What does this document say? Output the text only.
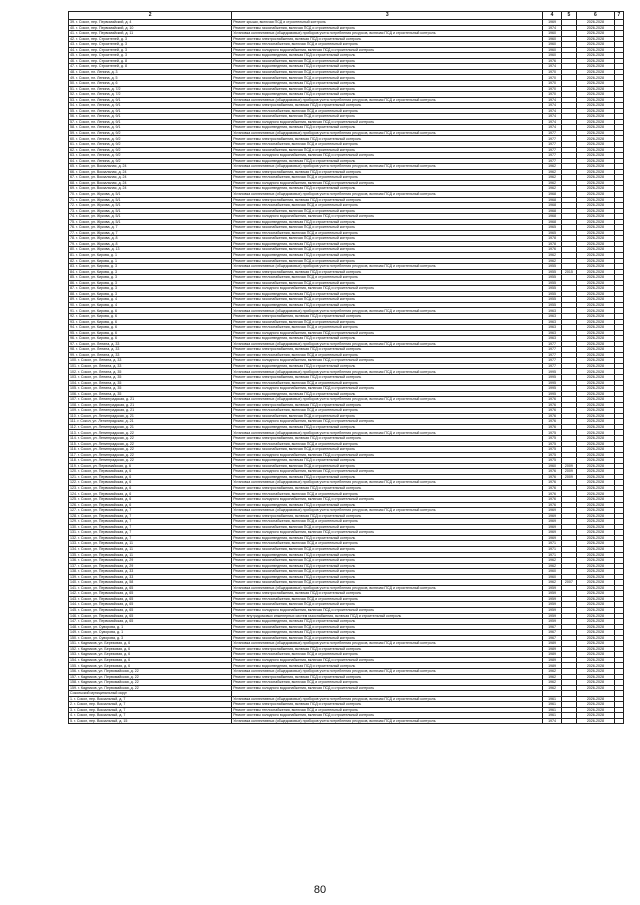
2	3	4	5	6	7
39. г. Сокол, пер. Первомайский, д. 4	Ремонт крыши, включая ПСД и строительный контроль	1969		2026-2028	
40. г. Сокол, пер. Первомайский, д. 10	Ремонт системы газоснабжения, включая ПСД и строительный контроль	1974		2026-2028	
41. г. Сокол, пер. Первомайский, д. 11	Установка коллективных (общедомовых) приборов учета потребления ресурсов, включая ПСД и строительный контроль	1960		2026-2028	
42. г. Сокол, пер. Строителей, д. 3	Ремонт системы электроснабжения, включая ПСД и строительный контроль	1960		2026-2028	
43. г. Сокол, пер. Строителей, д. 3	Ремонт системы теплоснабжения, включая ПСД и строительный контроль	1960		2026-2028	
44. г. Сокол, пер. Строителей, д. 3	Ремонт системы холодного водоснабжения, включая ПСД и строительный контроль	1960		2026-2028	
45. г. Сокол, пер. Строителей, д. 3	Ремонт системы водоотведения, включая ПСД и строительный контроль	1960		2026-2028	
46. г. Сокол, пер. Строителей, д. 8	Ремонт системы газоснабжения, включая ПСД и строительный контроль	1976		2026-2028	
47. г. Сокол, пер. Строителей, д. 8	Ремонт системы водоотведения, включая ПСД и строительный контроль	1974		2026-2028	
48. г. Сокол, пл. Ленина, д. 3	Ремонт системы газоснабжения, включая ПСД и строительный контроль	1970		2026-2028	
49. г. Сокол, пл. Ленина, д. 5	Ремонт системы газоснабжения, включая ПСД и строительный контроль	1970		2026-2028	
50. г. Сокол, пл. Ленина, д. 6	Ремонт системы водоотведения, включая ПСД и строительный контроль	1970		2026-2028	
51. г. Сокол, пл. Ленина, д. 7/2	Ремонт системы газоснабжения, включая ПСД и строительный контроль	1970		2026-2028	
52. г. Сокол, пл. Ленина, д. 7/2	Ремонт системы водоотведения, включая ПСД и строительный контроль	1970		2026-2028	
53. г. Сокол, пл. Ленина, д. 9/1	Установка коллективных (общедомовых) приборов учета потребления ресурсов, включая ПСД и строительный контроль	1974		2026-2028	
54. г. Сокол, пл. Ленина, д. 9/1	Ремонт системы электроснабжения, включая ПСД и строительный контроль	1974		2026-2028	
55. г. Сокол, пл. Ленина, д. 9/1	Ремонт системы теплоснабжения, включая ПСД и строительный контроль	1974		2026-2028	
56. г. Сокол, пл. Ленина, д. 9/1	Ремонт системы газоснабжения, включая ПСД и строительный контроль	1974		2026-2028	
57. г. Сокол, пл. Ленина, д. 9/1	Ремонт системы холодного водоснабжения, включая ПСД и строительный контроль	1974		2026-2028	
58. г. Сокол, пл. Ленина, д. 9/1	Ремонт системы водоотведения, включая ПСД и строительный контроль	1974		2026-2028	
59. г. Сокол, пл. Ленина, д. 9/2	Установка коллективных (общедомовых) приборов учета потребления ресурсов, включая ПСД и строительный контроль	1977		2026-2028	
60. г. Сокол, пл. Ленина, д. 9/2	Ремонт системы электроснабжения, включая ПСД и строительный контроль	1977		2026-2028	
61. г. Сокол, пл. Ленина, д. 9/2	Ремонт системы теплоснабжения, включая ПСД и строительный контроль	1977		2026-2028	
62. г. Сокол, пл. Ленина, д. 9/2	Ремонт системы газоснабжения, включая ПСД и строительный контроль	1977		2026-2028	
63. г. Сокол, пл. Ленина, д. 9/2	Ремонт системы холодного водоснабжения, включая ПСД и строительный контроль	1977		2026-2028	
64. г. Сокол, пл. Ленина, д. 9/2	Ремонт системы водоотведения, включая ПСД и строительный контроль	1977		2026-2028	
65. г. Сокол, ул. Вокзальная, д. 24	Установка коллективных (общедомовых) приборов учета потребления ресурсов, включая ПСД и строительный контроль	1962		2026-2028	
66. г. Сокол, ул. Вокзальная, д. 24	Ремонт системы электроснабжения, включая ПСД и строительный контроль	1962		2026-2028	
67. г. Сокол, ул. Вокзальная, д. 24	Ремонт системы теплоснабжения, включая ПСД и строительный контроль	1962		2026-2028	
68. г. Сокол, ул. Вокзальная, д. 24	Ремонт системы холодного водоснабжения, включая ПСД и строительный контроль	1962		2026-2028	
69. г. Сокол, ул. Вокзальная, д. 24	Ремонт системы водоотведения, включая ПСД и строительный контроль	1962		2026-2028	
70. г. Сокол, ул. Жукова, д. 5/1	Установка коллективных (общедомовых) приборов учета потребления ресурсов, включая ПСД и строительный контроль	1968		2026-2028	
71. г. Сокол, ул. Жукова, д. 5/1	Ремонт системы электроснабжения, включая ПСД и строительный контроль	1968		2026-2028	
72. г. Сокол, ул. Жукова, д. 5/1	Ремонт системы теплоснабжения, включая ПСД и строительный контроль	1968		2026-2028	
73. г. Сокол, ул. Жукова, д. 5/1	Ремонт системы газоснабжения, включая ПСД и строительный контроль	1968		2026-2028	
74. г. Сокол, ул. Жукова, д. 5/1	Ремонт системы холодного водоснабжения, включая ПСД и строительный контроль	1968		2026-2028	
75. г. Сокол, ул. Жукова, д. 5/1	Ремонт системы водоотведения, включая ПСД и строительный контроль	1968		2026-2028	
76. г. Сокол, ул. Жукова, д. 7	Ремонт системы газоснабжения, включая ПСД и строительный контроль	1965		2026-2028	
77. г. Сокол, ул. Жукова, д. 7	Ремонт системы теплоснабжения, включая ПСД и строительный контроль	1965		2026-2028	
78. г. Сокол, ул. Жукова, д. 8	Ремонт системы газоснабжения, включая ПСД и строительный контроль	1978		2026-2028	
79. г. Сокол, ул. Жукова, д. 8	Ремонт системы водоотведения, включая ПСД и строительный контроль	1978		2026-2028	
80. г. Сокол, ул. Жукова, д. 13	Ремонт системы газоснабжения, включая ПСД и строительный контроль	1976		2026-2028	
81. г. Сокол, ул. Кирова, д. 1	Ремонт системы водоотведения, включая ПСД и строительный контроль	1962		2026-2028	
82. г. Сокол, ул. Кирова, д. 1	Ремонт системы газоснабжения, включая ПСД и строительный контроль	1962		2026-2028	
83. г. Сокол, ул. Кирова, д. 3	Установка коллективных (общедомовых) приборов учета потребления ресурсов, включая ПСД и строительный контроль	1955		2026-2028	
84. г. Сокол, ул. Кирова, д. 3	Ремонт системы электроснабжения, включая ПСД и строительный контроль	1955	2015	2026-2028	
85. г. Сокол, ул. Кирова, д. 3	Ремонт системы теплоснабжения, включая ПСД и строительный контроль	1955		2026-2028	
86. г. Сокол, ул. Кирова, д. 3	Ремонт системы газоснабжения, включая ПСД и строительный контроль	1955		2026-2028	
87. г. Сокол, ул. Кирова, д. 3	Ремонт системы холодного водоснабжения, включая ПСД и строительный контроль	1955		2026-2028	
88. г. Сокол, ул. Кирова, д. 3	Ремонт системы водоотведения, включая ПСД и строительный контроль	1955		2026-2028	
89. г. Сокол, ул. Кирова, д. 4	Ремонт системы газоснабжения, включая ПСД и строительный контроль	1955		2026-2028	
90. г. Сокол, ул. Кирова, д. 4	Ремонт системы водоотведения, включая ПСД и строительный контроль	1955		2026-2028	
91. г. Сокол, ул. Кирова, д. 6	Установка коллективных (общедомовых) приборов учета потребления ресурсов, включая ПСД и строительный контроль	1963		2026-2028	
92. г. Сокол, ул. Кирова, д. 6	Ремонт системы электроснабжения, включая ПСД и строительный контроль	1963		2026-2028	
93. г. Сокол, ул. Кирова, д. 6	Ремонт системы газоснабжения, включая ПСД и строительный контроль	1963		2026-2028	
94. г. Сокол, ул. Кирова, д. 6	Ремонт системы теплоснабжения, включая ПСД и строительный контроль	1963		2026-2028	
95. г. Сокол, ул. Кирова, д. 6	Ремонт системы холодного водоснабжения, включая ПСД и строительный контроль	1963		2026-2028	
96. г. Сокол, ул. Кирова, д. 6	Ремонт системы водоотведения, включая ПСД и строительный контроль	1963		2026-2028	
97. г. Сокол, ул. Ленина, д. 33	Установка коллективных (общедомовых) приборов учета потребления ресурсов, включая ПСД и строительный контроль	1977		2026-2028	
98. г. Сокол, ул. Ленина, д. 33	Ремонт системы электроснабжения, включая ПСД и строительный контроль	1977		2026-2028	
99. г. Сокол, ул. Ленина, д. 33	Ремонт системы теплоснабжения, включая ПСД и строительный контроль	1977		2026-2028	
100. г. Сокол, ул. Ленина, д. 33	Ремонт системы холодного водоснабжения, включая ПСД и строительный контроль	1977		2026-2028	
101. г. Сокол, ул. Ленина, д. 33	Ремонт системы водоотведения, включая ПСД и строительный контроль	1977		2026-2028	
102. г. Сокол, ул. Ленина, д. 35	Установка коллективных (общедомовых) приборов учета потребления ресурсов, включая ПСД и строительный контроль	1995		2026-2028	
103. г. Сокол, ул. Ленина, д. 35	Ремонт системы электроснабжения, включая ПСД и строительный контроль	1995		2026-2028	
104. г. Сокол, ул. Ленина, д. 35	Ремонт системы теплоснабжения, включая ПСД и строительный контроль	1995		2026-2028	
105. г. Сокол, ул. Ленина, д. 35	Ремонт системы холодного водоснабжения, включая ПСД и строительный контроль	1995		2026-2028	
106. г. Сокол, ул. Ленина, д. 35	Ремонт системы водоотведения, включая ПСД и строительный контроль	1995		2026-2028	
107. г. Сокол, ул. Ленинградская, д. 21	Установка коллективных (общедомовых) приборов учета потребления ресурсов, включая ПСД и строительный контроль	1976		2026-2028	
108. г. Сокол, ул. Ленинградская, д. 21	Ремонт системы электроснабжения, включая ПСД и строительный контроль	1976		2026-2028	
109. г. Сокол, ул. Ленинградская, д. 21	Ремонт системы теплоснабжения, включая ПСД и строительный контроль	1976		2026-2028	
110. г. Сокол, ул. Ленинградская, д. 21	Ремонт системы газоснабжения, включая ПСД и строительный контроль	1976		2026-2028	
111. г. Сокол, ул. Ленинградская, д. 21	Ремонт системы холодного водоснабжения, включая ПСД и строительный контроль	1976		2026-2028	
112. г. Сокол, ул. Ленинградская, д. 21	Ремонт системы водоотведения, включая ПСД и строительный контроль	1976		2026-2028	
113. г. Сокол, ул. Ленинградская, д. 22	Установка коллективных (общедомовых) приборов учета потребления ресурсов, включая ПСД и строительный контроль	1975		2026-2028	
114. г. Сокол, ул. Ленинградская, д. 22	Ремонт системы электроснабжения, включая ПСД и строительный контроль	1975		2026-2028	
115. г. Сокол, ул. Ленинградская, д. 22	Ремонт системы теплоснабжения, включая ПСД и строительный контроль	1975		2026-2028	
116. г. Сокол, ул. Ленинградская, д. 22	Ремонт системы газоснабжения, включая ПСД и строительный контроль	1975		2026-2028	
117. г. Сокол, ул. Ленинградская, д. 22	Ремонт системы холодного водоснабжения, включая ПСД и строительный контроль	1975		2026-2028	
118. г. Сокол, ул. Ленинградская, д. 22	Ремонт системы водоотведения, включая ПСД и строительный контроль	1975		2026-2028	
119. г. Сокол, ул. Первомайская, д. 6	Ремонт системы газоснабжения, включая ПСД и строительный контроль	1960	2009	2026-2028	
120. г. Сокол, ул. Первомайская, д. 6	Ремонт системы холодного водоснабжения, включая ПСД и строительный контроль	1976	2009	2026-2028	
121. г. Сокол, ул. Первомайская, д. 6	Ремонт системы водоотведения, включая ПСД и строительный контроль	1976	2009	2026-2028	
122. г. Сокол, ул. Первомайская, д. 6	Установка коллективных (общедомовых) приборов учета потребления ресурсов, включая ПСД и строительный контроль	1976		2026-2028	
123. г. Сокол, ул. Первомайская, д. 6	Ремонт системы электроснабжения, включая ПСД и строительный контроль	1976		2026-2028	
124. г. Сокол, ул. Первомайская, д. 6	Ремонт системы теплоснабжения, включая ПСД и строительный контроль	1976		2026-2028	
125. г. Сокол, ул. Первомайская, д. 6	Ремонт системы холодного водоснабжения, включая ПСД и строительный контроль	1976		2026-2028	
126. г. Сокол, ул. Первомайская, д. 6	Ремонт системы водоотведения, включая ПСД и строительный контроль	1976		2026-2028	
127. г. Сокол, ул. Первомайская, д. 7	Установка коллективных (общедомовых) приборов учета потребления ресурсов, включая ПСД и строительный контроль	1969		2026-2028	
128. г. Сокол, ул. Первомайская, д. 7	Ремонт системы электроснабжения, включая ПСД и строительный контроль	1969		2026-2028	
129. г. Сокол, ул. Первомайская, д. 7	Ремонт системы теплоснабжения, включая ПСД и строительный контроль	1969		2026-2028	
130. г. Сокол, ул. Первомайская, д. 7	Ремонт системы газоснабжения, включая ПСД и строительный контроль	1969		2026-2028	
131. г. Сокол, ул. Первомайская, д. 7	Ремонт системы холодного водоснабжения, включая ПСД и строительный контроль	1969		2026-2028	
132. г. Сокол, ул. Первомайская, д. 7	Ремонт системы водоотведения, включая ПСД и строительный контроль	1969		2026-2028	
133. г. Сокол, ул. Первомайская, д. 11	Ремонт системы теплоснабжения, включая ПСД и строительный контроль	1971		2026-2028	
134. г. Сокол, ул. Первомайская, д. 11	Ремонт системы газоснабжения, включая ПСД и строительный контроль	1971		2026-2028	
135. г. Сокол, ул. Первомайская, д. 11	Ремонт системы водоотведения, включая ПСД и строительный контроль	1971		2026-2028	
136. г. Сокол, ул. Первомайская, д. 29	Ремонт системы газоснабжения, включая ПСД и строительный контроль	1962		2026-2028	
137. г. Сокол, ул. Первомайская, д. 29	Ремонт системы водоотведения, включая ПСД и строительный контроль	1962		2026-2028	
138. г. Сокол, ул. Первомайская, д. 33	Ремонт системы газоснабжения, включая ПСД и строительный контроль	1960		2026-2028	
139. г. Сокол, ул. Первомайская, д. 33	Ремонт системы водоотведения, включая ПСД и строительный контроль	1960		2026-2028	
140. г. Сокол, ул. Первомайская, д. 58	Ремонт системы газоснабжения, включая ПСД и строительный контроль	1962	2007	2026-2028	
141. г. Сокол, ул. Первомайская, д. 65	Установка коллективных (общедомовых) приборов учета потребления ресурсов, включая ПСД и строительный контроль	1959		2026-2028	
142. г. Сокол, ул. Первомайская, д. 65	Ремонт системы электроснабжения, включая ПСД и строительный контроль	1959		2026-2028	
143. г. Сокол, ул. Первомайская, д. 65	Ремонт системы теплоснабжения, включая ПСД и строительный контроль	1959		2026-2028	
144. г. Сокол, ул. Первомайская, д. 65	Ремонт системы газоснабжения, включая ПСД и строительный контроль	1959		2026-2028	
145. г. Сокол, ул. Первомайская, д. 65	Ремонт системы холодного водоснабжения, включая ПСД и строительный контроль	1959		2026-2028	
146. г. Сокол, ул. Первомайская, д. 65	Ремонт внутридомовых инженерных систем газоснабжения, включая ПСД и строительный контроль	1959		2026-2028	
147. г. Сокол, ул. Первомайская, д. 65	Ремонт системы водоотведения, включая ПСД и строительный контроль	1959		2026-2028	
148. г. Сокол, ул. Суворова, д. 1	Ремонт системы газоснабжения, включая ПСД и строительный контроль	1967		2026-2028	
149. г. Сокол, ул. Суворова, д. 1	Ремонт системы водоотведения, включая ПСД и строительный контроль	1967		2026-2028	
150. г. Сокол, ул. Суворова, д. 3	Ремонт системы газоснабжения, включая ПСД и строительный контроль	1967		2026-2028	
151. г. Кадников, ул. Березовая, д. 6	Установка коллективных (общедомовых) приборов учета потребления ресурсов, включая ПСД и строительный контроль	1989		2026-2028	
152. г. Кадников, ул. Березовая, д. 6	Ремонт системы электроснабжения, включая ПСД и строительный контроль	1989		2026-2028	
153. г. Кадников, ул. Березовая, д. 6	Ремонт системы теплоснабжения, включая ПСД и строительный контроль	1989		2026-2028	
154. г. Кадников, ул. Березовая, д. 6	Ремонт системы холодного водоснабжения, включая ПСД и строительный контроль	1989		2026-2028	
155. г. Кадников, ул. Березовая, д. 6	Ремонт системы водоотведения, включая ПСД и строительный контроль	1989		2026-2028	
156. г. Кадников, ул. Первомайская, д. 22	Установка коллективных (общедомовых) приборов учета потребления ресурсов, включая ПСД и строительный контроль	1962		2026-2028	
157. г. Кадников, ул. Первомайская, д. 22	Ремонт системы электроснабжения, включая ПСД и строительный контроль	1962		2026-2028	
158. г. Кадников, ул. Первомайская, д. 22	Ремонт системы теплоснабжения, включая ПСД и строительный контроль	1962		2026-2028	
159. г. Кадников, ул. Первомайская, д. 22	Ремонт системы холодного водоснабжения, включая ПСД и строительный контроль	1962		2026-2028	
Сокольский муниципальный округ					
1. г. Сокол, пер. Вокзальный, д. 7	Установка коллективных (общедомовых) приборов учета потребления ресурсов, включая ПСД и строительный контроль	1961		2026-2028	
2. г. Сокол, пер. Вокзальный, д. 7	Ремонт системы электроснабжения, включая ПСД и строительный контроль	1961		2026-2028	
3. г. Сокол, пер. Вокзальный, д. 7	Ремонт системы теплоснабжения, включая ПСД и строительный контроль	1961		2026-2028	
4. г. Сокол, пер. Вокзальный, д. 7	Ремонт системы холодного водоснабжения, включая ПСД и строительный контроль	1961		2026-2028	
5. г. Сокол, пер. Вокзальный, д. 15	Установка коллективных (общедомовых) приборов учета потребления ресурсов, включая ПСД и строительный контроль	1974		2026-2028	
80
